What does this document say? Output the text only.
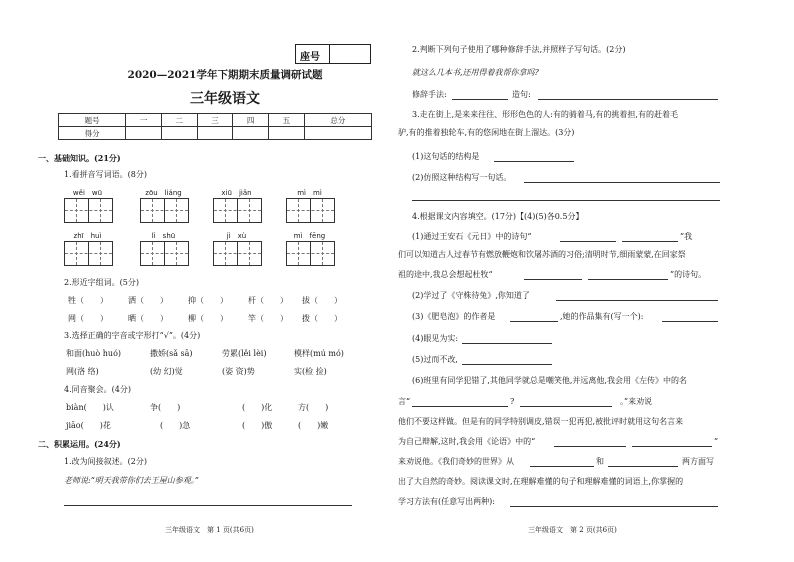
座号
2020—2021学年下期期末质量调研试题
三年级语文
题号	一	二	三	四	五	总分
得分						
一、基础知识。(21分)
1.看拼音写词语。(8分)
wěi　 wū	zōu　 liáng	xiū　 jiǎn	mì　 mì
zhī　 huì	lì　 shū	jì　 xù	mì　 fēng
2.形近字组词。(5分)
牲（　　）	洒（　　）	抑（　　）	杆（　　） 拔（　　）
网（　　）	晒（　　）	柳（　　）	竿（　　） 拨（　　）
3.选择正确的字音或字形打“√”。(4分)
和面(huò huó)	撒娇(sǎ sā)	劳累(lěi lèi)	模样(mú mó)
网(洛 络)	(幼 幻)觉	(姿 资)势	实(检 捡)
4.同音聚会。(4分)
biàn(　　)认	争(　　)	(　　)化	方(　　)
jiāo(　　)花	(　　)急	(　　)傲	(　　)嫩
二、积累运用。(24分)
1.改为间接叙述。(2分)
老师说:“明天我带你们去王屋山参观。”
三年级语文　第 1 页(共6页)
2.判断下列句子使用了哪种修辞手法,并照样子写句话。(2分)
就这么几本书,还用得着我帮你拿吗?
修辞手法:	造句:
3.走在街上,是来来往往、形形色色的人:有的骑着马,有的挑着担,有的赶着毛
驴,有的推着独轮车,有的悠闲地在街上溜达。(3分)
(1)这句话的结构是
(2)仿照这种结构写一句话。
4.根据课文内容填空。(17分)【(4)(5)各0.5分】
(1)通过王安石《元日》中的诗句“	”我
们可以知道古人过春节有燃放鞭炮和饮屠苏酒的习俗;清明时节,细雨蒙蒙,在回家祭
祖的途中,我总会想起杜牧“	”的诗句。
(2)学过了《守株待兔》,你知道了
(3)《肥皂泡》的作者是	,她的作品集有(写一个):
(4)眼见为实:
(5)过而不改,
(6)班里有同学犯错了,其他同学就总是嘲笑他,并远离他,我会用《左传》中的名
言“	?	。”来劝说
他们不要这样做。但是有的同学特别调皮,错误一犯再犯,被批评时就用这句名言来
为自己辩解,这时,我会用《论语》中的“	”
来劝说他。《我们奇妙的世界》从	和	两方面写
出了大自然的奇妙。阅读课文时,在理解难懂的句子和理解难懂的词语上,你掌握的
学习方法有(任意写出两种):
三年级语文　第 2 页(共6页)
